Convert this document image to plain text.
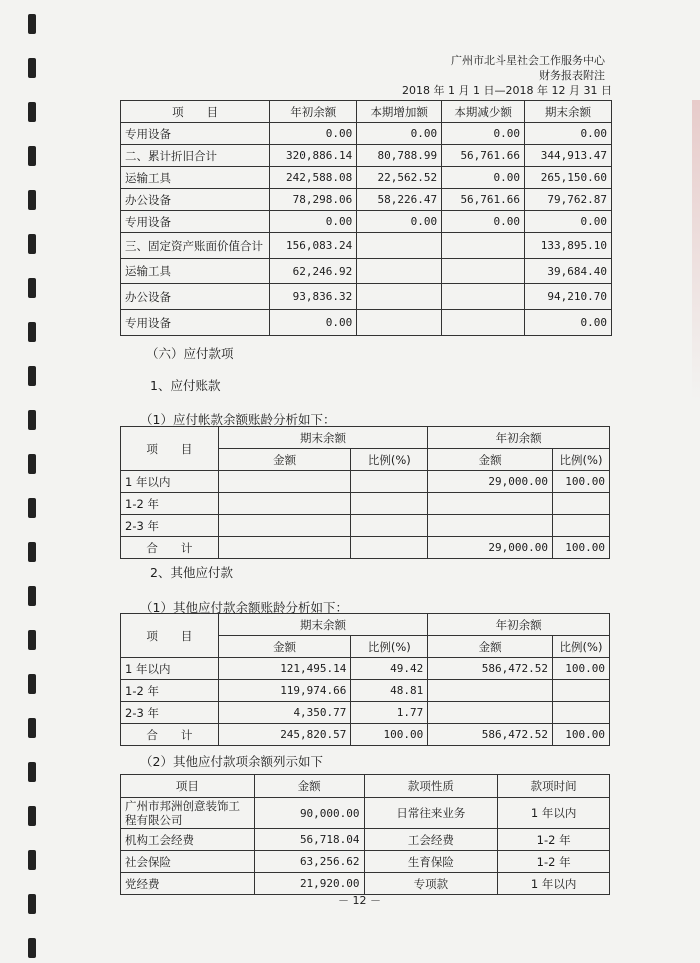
广州市北斗星社会工作服务中心
财务报表附注
2018 年 1 月 1 日—2018 年 12 月 31 日
项　　目	年初余额	本期增加额	本期减少额	期末余额
专用设备	0.00	0.00	0.00	0.00
二、累计折旧合计	320,886.14	80,788.99	56,761.66	344,913.47
运输工具	242,588.08	22,562.52	0.00	265,150.60
办公设备	78,298.06	58,226.47	56,761.66	79,762.87
专用设备	0.00	0.00	0.00	0.00
三、固定资产账面价值合计	156,083.24			133,895.10
运输工具	62,246.92			39,684.40
办公设备	93,836.32			94,210.70
专用设备	0.00			0.00
（六）应付款项
1、应付账款
（1）应付帐款余额账龄分析如下：
项　　目	期末余额		年初余额	
	金额	比例(%)	金额	比例(%)
1 年以内			29,000.00	100.00
1-2 年				
2-3 年				
合　　计			29,000.00	100.00
2、其他应付款
（1）其他应付款余额账龄分析如下：
项　　目	期末余额		年初余额	
	金额	比例(%)	金额	比例(%)
1 年以内	121,495.14	49.42	586,472.52	100.00
1-2 年	119,974.66	48.81		
2-3 年	4,350.77	1.77		
合　　计	245,820.57	100.00	586,472.52	100.00
（2）其他应付款项余额列示如下
项目	金额	款项性质	款项时间
广州市邦洲创意装饰工程有限公司	90,000.00	日常往来业务	1 年以内
机构工会经费	56,718.04	工会经费	1-2 年
社会保险	63,256.62	生育保险	1-2 年
党经费	21,920.00	专项款	1 年以内
－ 12 －
